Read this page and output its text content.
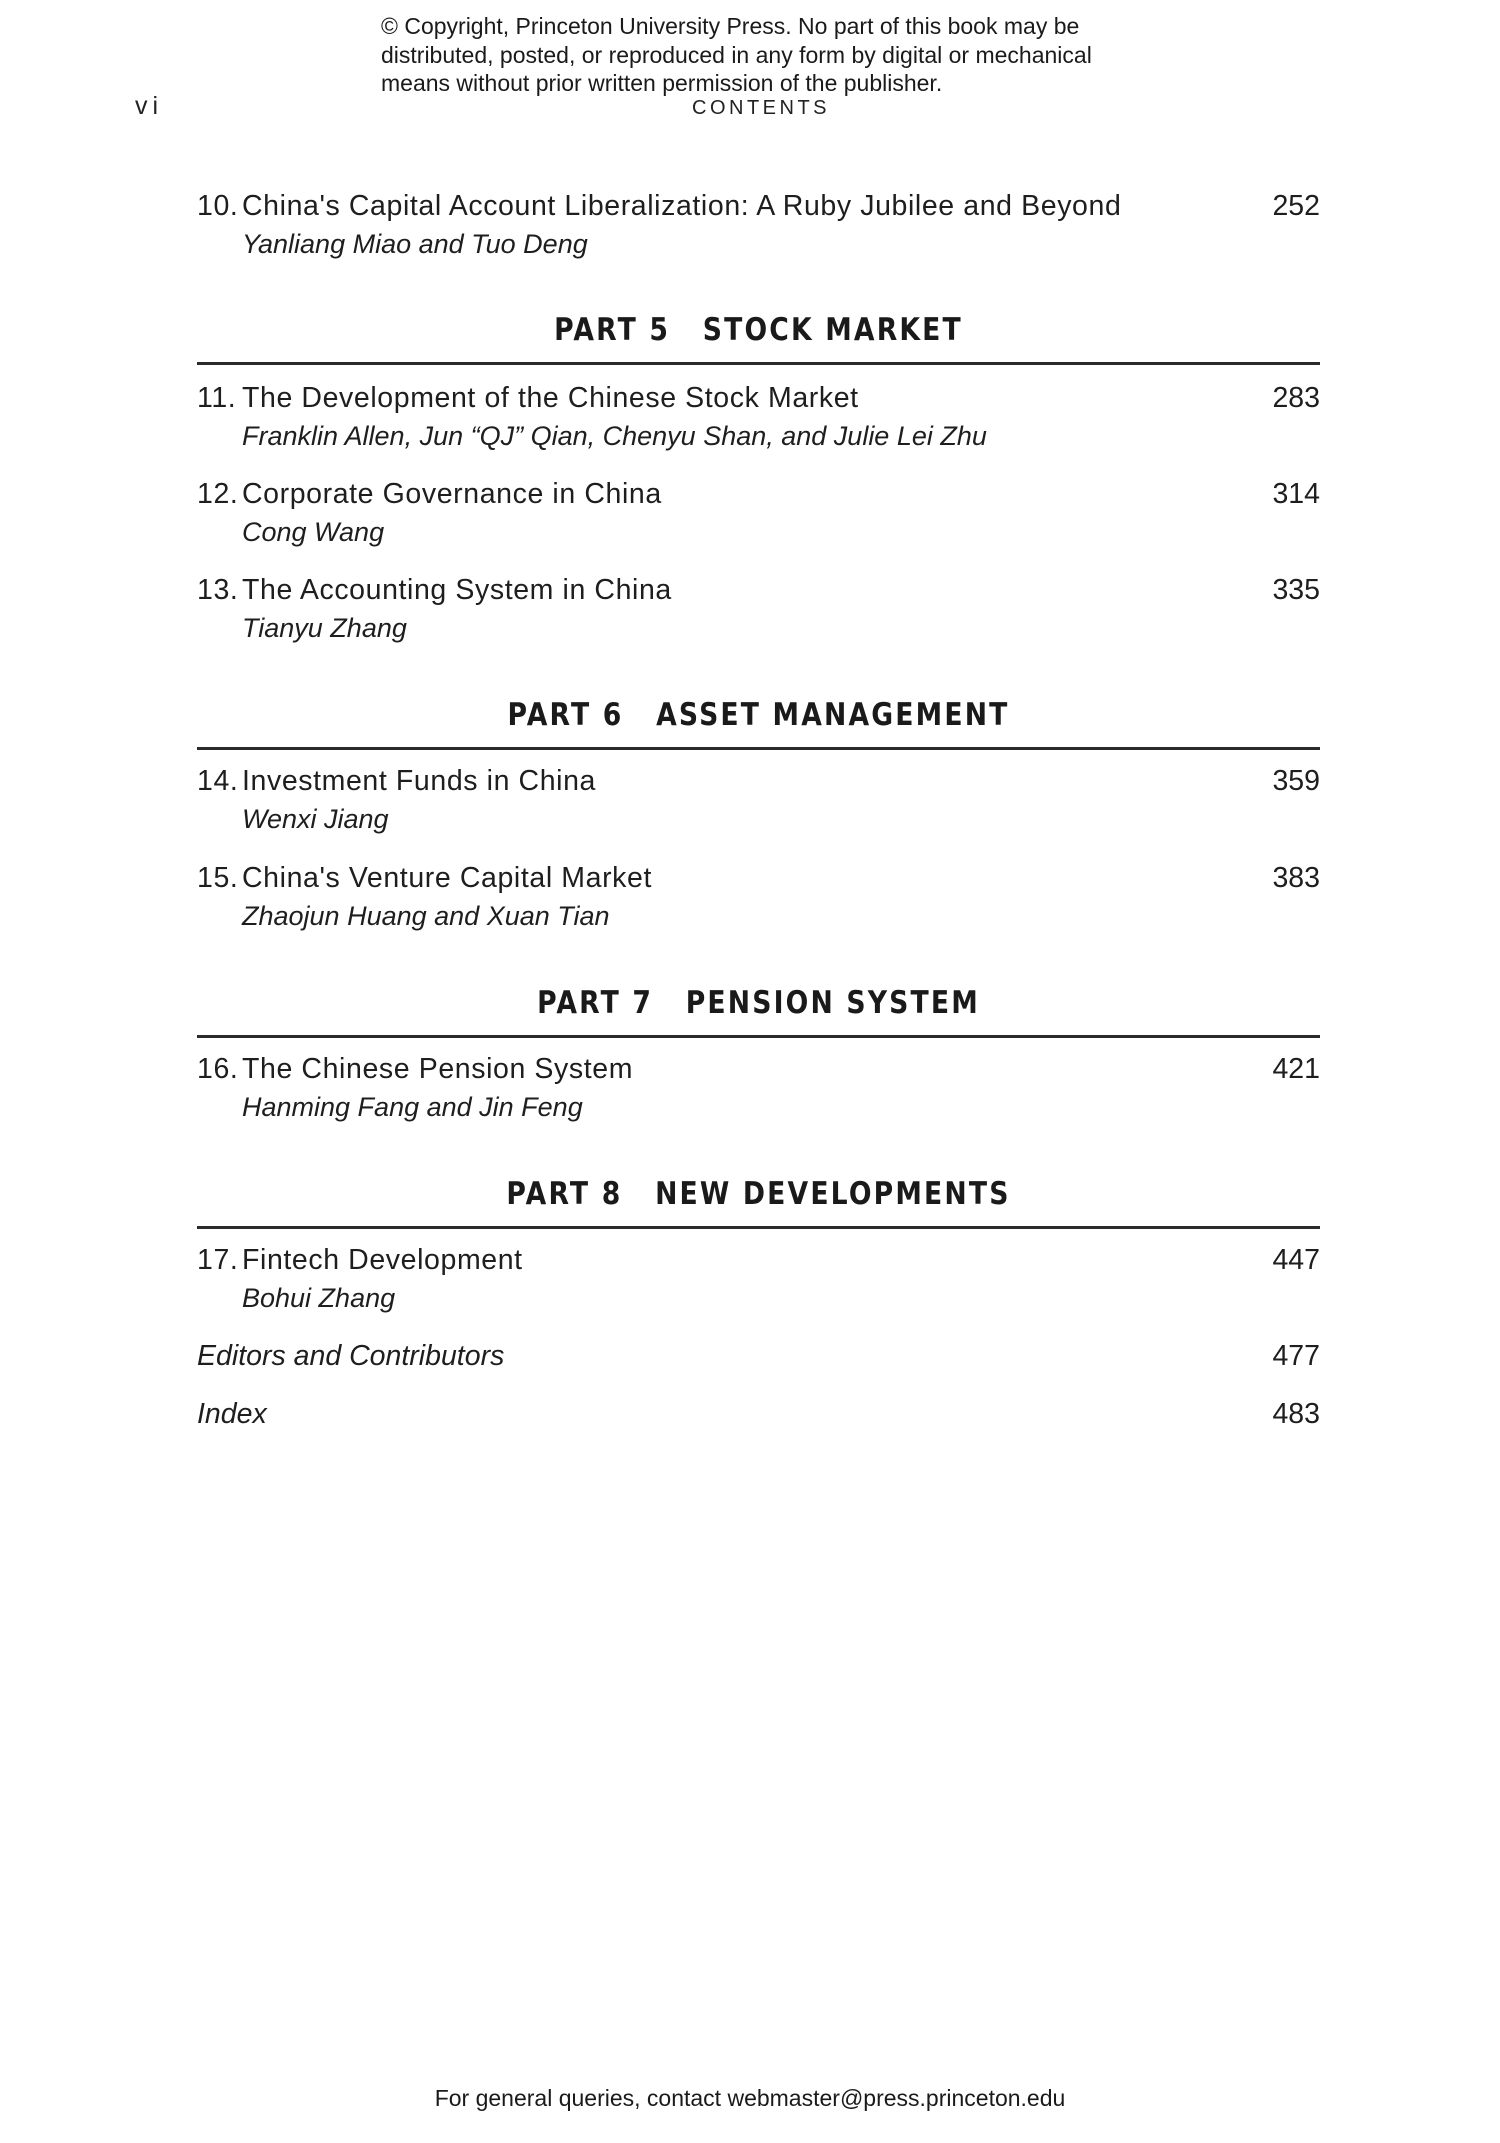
© Copyright, Princeton University Press. No part of this book may be
distributed, posted, or reproduced in any form by digital or mechanical
means without prior written permission of the publisher.
vi	CONTENTS
10. China's Capital Account Liberalization: A Ruby Jubilee and Beyond	252
Yanliang Miao and Tuo Deng
PART 5 STOCK MARKET
11. The Development of the Chinese Stock Market	283
Franklin Allen, Jun “QJ” Qian, Chenyu Shan, and Julie Lei Zhu
12. Corporate Governance in China	314
Cong Wang
13. The Accounting System in China	335
Tianyu Zhang
PART 6 ASSET MANAGEMENT
14. Investment Funds in China	359
Wenxi Jiang
15. China's Venture Capital Market	383
Zhaojun Huang and Xuan Tian
PART 7 PENSION SYSTEM
16. The Chinese Pension System	421
Hanming Fang and Jin Feng
PART 8 NEW DEVELOPMENTS
17. Fintech Development	447
Bohui Zhang
Editors and Contributors	477
Index	483
For general queries, contact webmaster@press.princeton.edu
